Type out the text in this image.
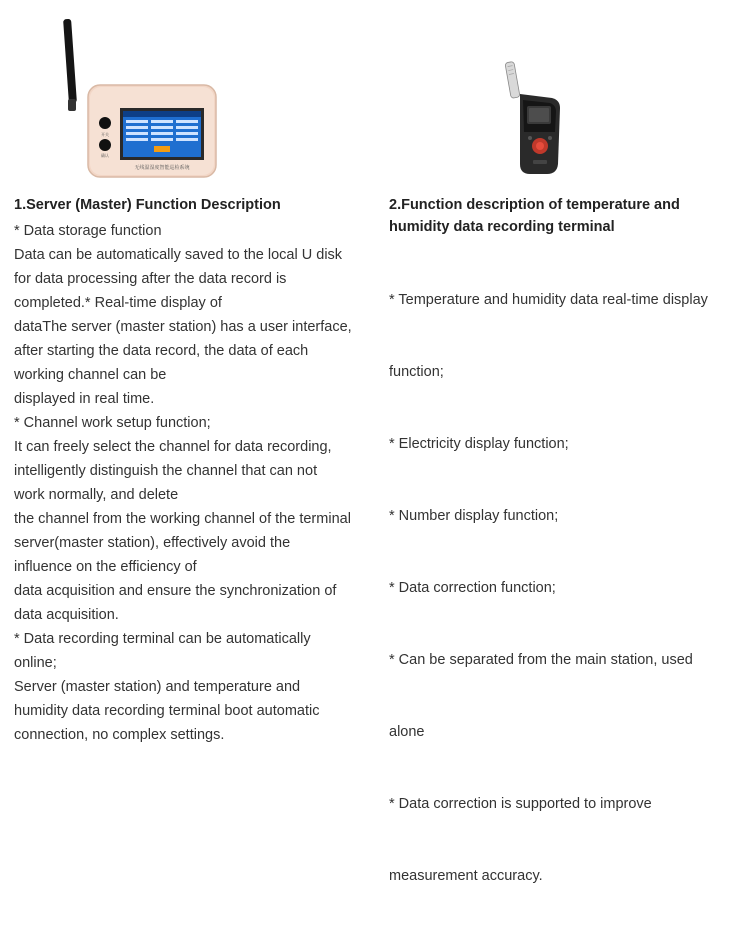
开关
确认
无线温湿度智能巡检系统
1.Server (Master) Function Description
* Data storage function
Data can be automatically saved to the local U disk
for data processing after the data record is
completed.* Real-time display of
dataThe server (master station) has a user interface,
after starting the data record, the data of each
working channel can be
displayed in real time.
* Channel work setup function;
It can freely select the channel for data recording,
intelligently distinguish the channel that can not
work normally, and delete
the channel from the working channel of the terminal
server(master station), effectively avoid the
influence on the efficiency of
data acquisition and ensure the synchronization of
data acquisition.
* Data recording terminal can be automatically
online;
Server (master station) and temperature and
humidity data recording terminal boot automatic
connection, no complex settings.
2.Function description of temperature and
humidity data recording terminal

* Temperature and humidity data real-time display

function;

* Electricity display function;

* Number display function;

* Data correction function;

* Can be separated from the main station, used

alone

* Data correction is supported to improve

measurement accuracy.
